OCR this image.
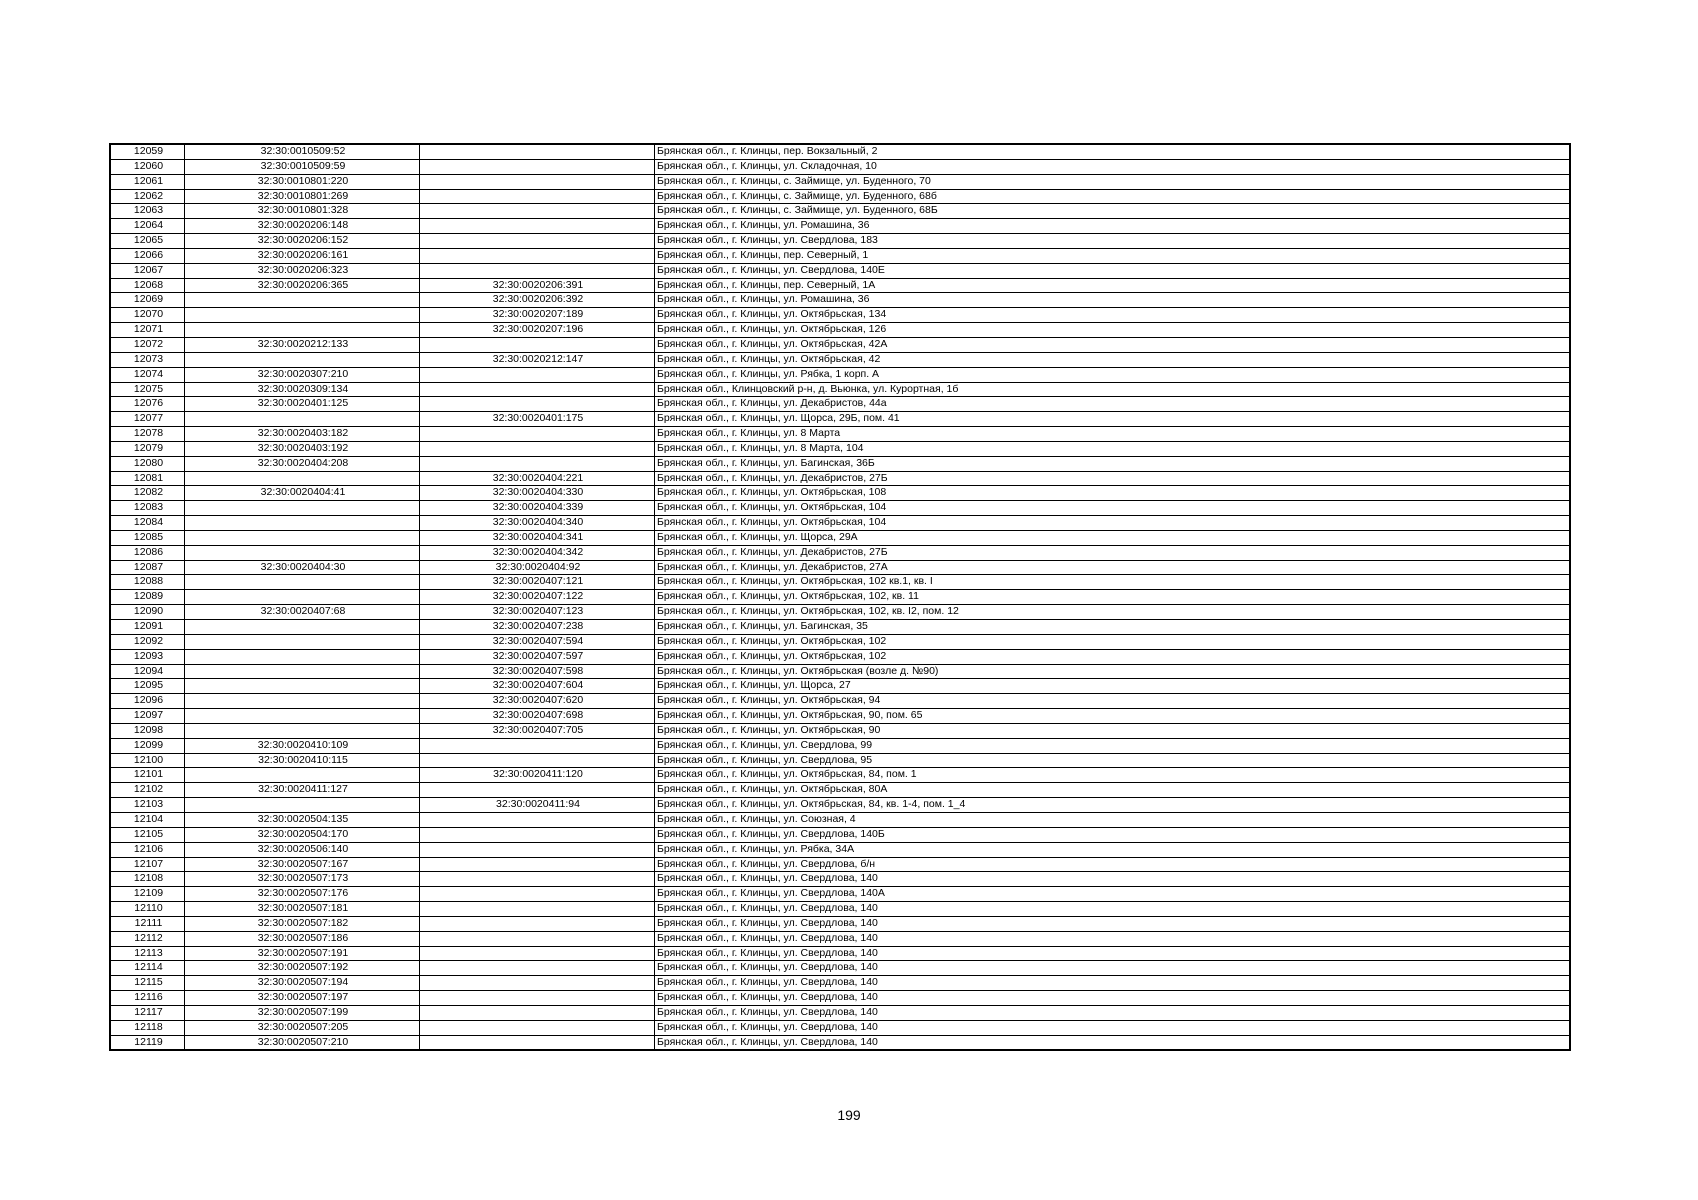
12059	32:30:0010509:52		Брянская обл., г. Клинцы, пер. Вокзальный, 2
12060	32:30:0010509:59		Брянская обл., г. Клинцы, ул. Складочная, 10
12061	32:30:0010801:220		Брянская обл., г. Клинцы, с. Займище, ул. Буденного, 70
12062	32:30:0010801:269		Брянская обл., г. Клинцы, с. Займище, ул. Буденного, 68б
12063	32:30:0010801:328		Брянская обл., г. Клинцы, с. Займище, ул. Буденного, 68Б
12064	32:30:0020206:148		Брянская обл., г. Клинцы, ул. Ромашина, 36
12065	32:30:0020206:152		Брянская обл., г. Клинцы, ул. Свердлова, 183
12066	32:30:0020206:161		Брянская обл., г. Клинцы, пер. Северный, 1
12067	32:30:0020206:323		Брянская обл., г. Клинцы, ул. Свердлова, 140Е
12068	32:30:0020206:365	32:30:0020206:391	Брянская обл., г. Клинцы, пер. Северный, 1А
12069		32:30:0020206:392	Брянская обл., г. Клинцы, ул. Ромашина, 36
12070		32:30:0020207:189	Брянская обл., г. Клинцы, ул. Октябрьская, 134
12071		32:30:0020207:196	Брянская обл., г. Клинцы, ул. Октябрьская, 126
12072	32:30:0020212:133		Брянская обл., г. Клинцы, ул. Октябрьская, 42А
12073		32:30:0020212:147	Брянская обл., г. Клинцы, ул. Октябрьская, 42
12074	32:30:0020307:210		Брянская обл., г. Клинцы, ул. Рябка, 1 корп. А
12075	32:30:0020309:134		Брянская обл., Клинцовский р-н, д. Вьюнка, ул. Курортная, 1б
12076	32:30:0020401:125		Брянская обл., г. Клинцы, ул. Декабристов, 44а
12077		32:30:0020401:175	Брянская обл., г. Клинцы, ул. Щорса, 29Б, пом. 41
12078	32:30:0020403:182		Брянская обл., г. Клинцы, ул. 8 Марта
12079	32:30:0020403:192		Брянская обл., г. Клинцы, ул. 8 Марта, 104
12080	32:30:0020404:208		Брянская обл., г. Клинцы, ул. Багинская, 36Б
12081		32:30:0020404:221	Брянская обл., г. Клинцы, ул. Декабристов, 27Б
12082	32:30:0020404:41	32:30:0020404:330	Брянская обл., г. Клинцы, ул. Октябрьская, 108
12083		32:30:0020404:339	Брянская обл., г. Клинцы, ул. Октябрьская, 104
12084		32:30:0020404:340	Брянская обл., г. Клинцы, ул. Октябрьская, 104
12085		32:30:0020404:341	Брянская обл., г. Клинцы, ул. Щорса, 29А
12086		32:30:0020404:342	Брянская обл., г. Клинцы, ул. Декабристов, 27Б
12087	32:30:0020404:30	32:30:0020404:92	Брянская обл., г. Клинцы, ул. Декабристов, 27А
12088		32:30:0020407:121	Брянская обл., г. Клинцы, ул. Октябрьская, 102 кв.1, кв. I
12089		32:30:0020407:122	Брянская обл., г. Клинцы, ул. Октябрьская, 102, кв. 11
12090	32:30:0020407:68	32:30:0020407:123	Брянская обл., г. Клинцы, ул. Октябрьская, 102, кв. I2, пом. 12
12091		32:30:0020407:238	Брянская обл., г. Клинцы, ул. Багинская, 35
12092		32:30:0020407:594	Брянская обл., г. Клинцы, ул. Октябрьская, 102
12093		32:30:0020407:597	Брянская обл., г. Клинцы, ул. Октябрьская, 102
12094		32:30:0020407:598	Брянская обл., г. Клинцы, ул. Октябрьская (возле д. №90)
12095		32:30:0020407:604	Брянская обл., г. Клинцы, ул. Щорса, 27
12096		32:30:0020407:620	Брянская обл., г. Клинцы, ул. Октябрьская, 94
12097		32:30:0020407:698	Брянская обл., г. Клинцы, ул. Октябрьская, 90, пом. 65
12098		32:30:0020407:705	Брянская обл., г. Клинцы, ул. Октябрьская, 90
12099	32:30:0020410:109		Брянская обл., г. Клинцы, ул. Свердлова, 99
12100	32:30:0020410:115		Брянская обл., г. Клинцы, ул. Свердлова, 95
12101		32:30:0020411:120	Брянская обл., г. Клинцы, ул. Октябрьская, 84, пом. 1
12102	32:30:0020411:127		Брянская обл., г. Клинцы, ул. Октябрьская, 80А
12103		32:30:0020411:94	Брянская обл., г. Клинцы, ул. Октябрьская, 84, кв. 1-4, пом. 1_4
12104	32:30:0020504:135		Брянская обл., г. Клинцы, ул. Союзная, 4
12105	32:30:0020504:170		Брянская обл., г. Клинцы, ул. Свердлова, 140Б
12106	32:30:0020506:140		Брянская обл., г. Клинцы, ул. Рябка, 34А
12107	32:30:0020507:167		Брянская обл., г. Клинцы, ул. Свердлова, б/н
12108	32:30:0020507:173		Брянская обл., г. Клинцы, ул. Свердлова, 140
12109	32:30:0020507:176		Брянская обл., г. Клинцы, ул. Свердлова, 140А
12110	32:30:0020507:181		Брянская обл., г. Клинцы, ул. Свердлова, 140
12111	32:30:0020507:182		Брянская обл., г. Клинцы, ул. Свердлова, 140
12112	32:30:0020507:186		Брянская обл., г. Клинцы, ул. Свердлова, 140
12113	32:30:0020507:191		Брянская обл., г. Клинцы, ул. Свердлова, 140
12114	32:30:0020507:192		Брянская обл., г. Клинцы, ул. Свердлова, 140
12115	32:30:0020507:194		Брянская обл., г. Клинцы, ул. Свердлова, 140
12116	32:30:0020507:197		Брянская обл., г. Клинцы, ул. Свердлова, 140
12117	32:30:0020507:199		Брянская обл., г. Клинцы, ул. Свердлова, 140
12118	32:30:0020507:205		Брянская обл., г. Клинцы, ул. Свердлова, 140
12119	32:30:0020507:210		Брянская обл., г. Клинцы, ул. Свердлова, 140
199
